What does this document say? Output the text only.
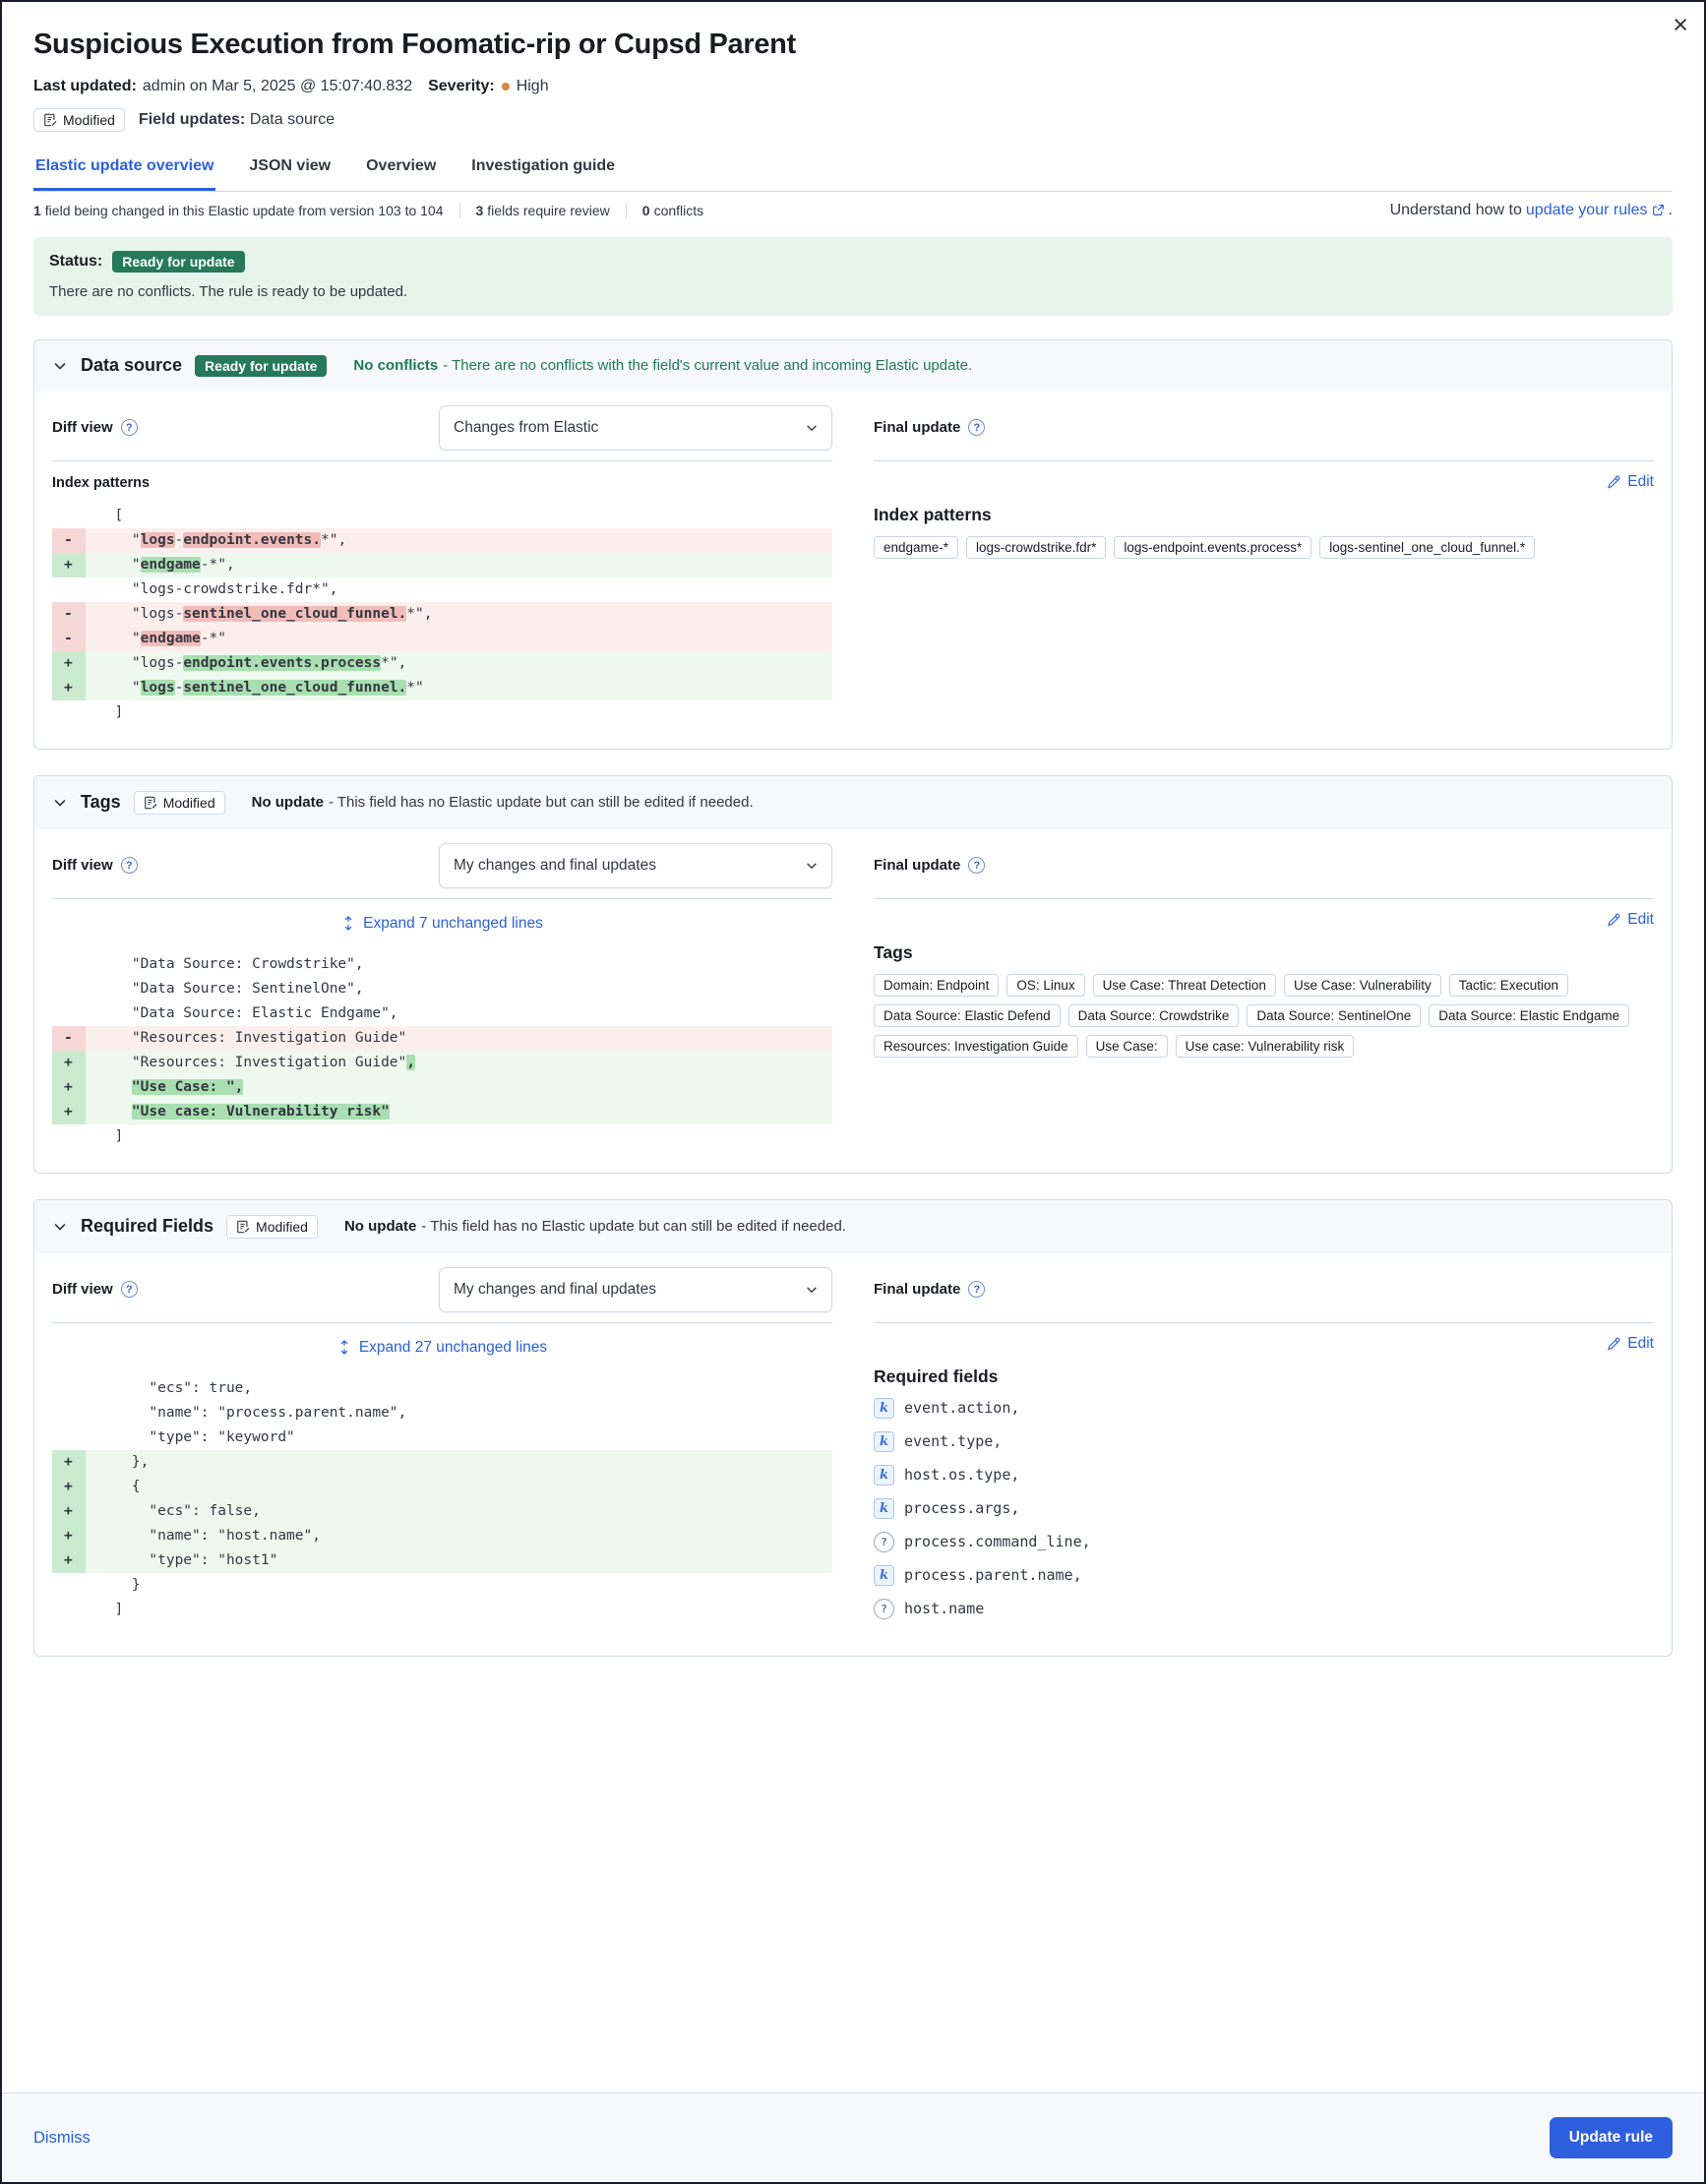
×
Suspicious Execution from Foomatic-rip or Cupsd Parent
Last updated: admin on Mar 5, 2025 @ 15:07:40.832 Severity: High
Modified Field updates: Data source
Elastic update overview JSON view Overview Investigation guide
1 field being changed in this Elastic update from version 103 to 104 3 fields require review 0 conflicts	Understand how to update your rules .
Status:	Ready for update
There are no conflicts. The rule is ready to be updated.
Data source	Ready for update	No conflicts - There are no conflicts with the field's current value and incoming Elastic update.
Diff view	?	Changes from Elastic
Index patterns
[
-	"logs-endpoint.events.*",
+	"endgame-*",
"logs-crowdstrike.fdr*",
-	"logs-sentinel_one_cloud_funnel.*",
-	"endgame-*"
+	"logs-endpoint.events.process*",
+	"logs-sentinel_one_cloud_funnel.*"
]
Final update	?
Edit
Index patterns
endgame-*	logs-crowdstrike.fdr*	logs-endpoint.events.process*	logs-sentinel_one_cloud_funnel.*
Tags	Modified No update - This field has no Elastic update but can still be edited if needed.
Diff view	?	My changes and final updates
Expand 7 unchanged lines
"Data Source: Crowdstrike",
"Data Source: SentinelOne",
"Data Source: Elastic Endgame",
-	"Resources: Investigation Guide"
+	"Resources: Investigation Guide",
+	"Use Case: ",
+	"Use case: Vulnerability risk"
]
Final update	?
Edit
Tags
Domain: Endpoint	OS: Linux	Use Case: Threat Detection	Use Case: Vulnerability	Tactic: Execution
Data Source: Elastic Defend	Data Source: Crowdstrike	Data Source: SentinelOne	Data Source: Elastic Endgame
Resources: Investigation Guide	Use Case:	Use case: Vulnerability risk
Required Fields	Modified No update - This field has no Elastic update but can still be edited if needed.
Diff view	?	My changes and final updates
Expand 27 unchanged lines
"ecs": true,
"name": "process.parent.name",
"type": "keyword"
+	},
+	{
+	"ecs": false,
+	"name": "host.name",
+	"type": "host1"
}
]
Final update	?
Edit
Required fields
k	event.action,
k	event.type,
k	host.os.type,
k	process.args,
?	process.command_line,
k	process.parent.name,
?	host.name
Dismiss	Update rule
